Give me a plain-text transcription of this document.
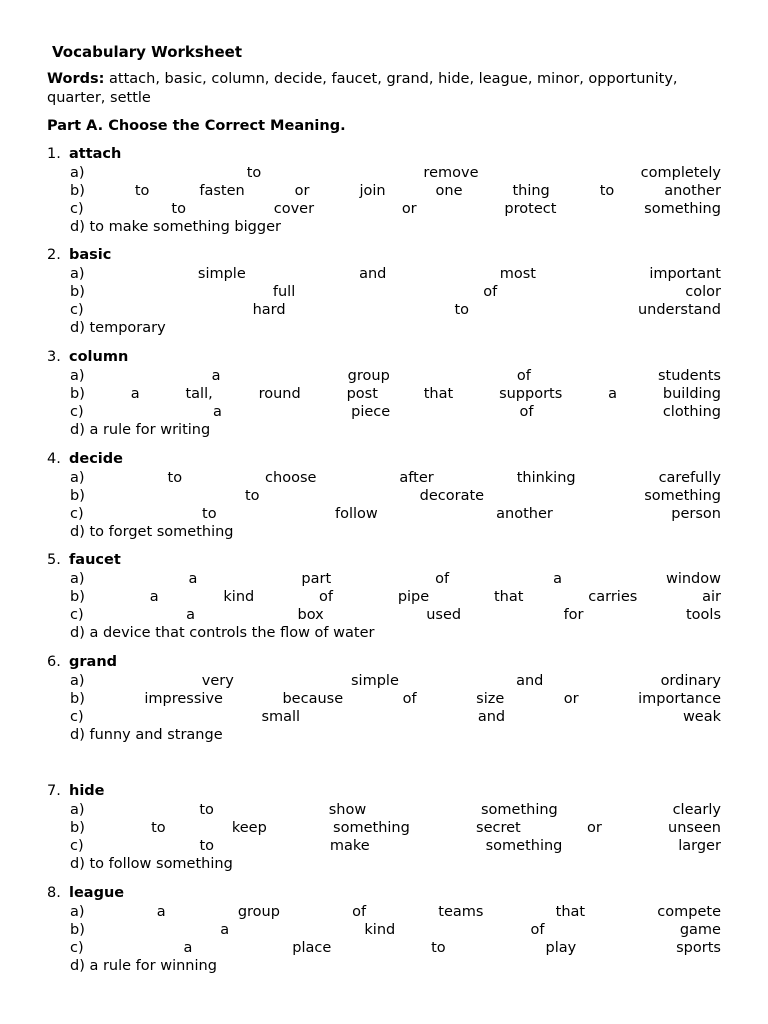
Vocabulary Worksheet
Words: attach, basic, column, decide, faucet, grand, hide, league, minor, opportunity, quarter, settle
Part A. Choose the Correct Meaning.
1. attach
a)	to	remove	completely
b)	to	fasten	or	join	one	thing	to	another
c)	to	cover	or	protect	something
d) to make something bigger
2. basic
a)	simple	and	most	important
b)	full	of	color
c)	hard	to	understand
d) temporary
3. column
a)	a	group	of	students
b)	a	tall,	round	post	that	supports	a	building
c)	a	piece	of	clothing
d) a rule for writing
4. decide
a)	to	choose	after	thinking	carefully
b)	to	decorate	something
c)	to	follow	another	person
d) to forget something
5. faucet
a)	a	part	of	a	window
b)	a	kind	of	pipe	that	carries	air
c)	a	box	used	for	tools
d) a device that controls the flow of water
6. grand
a)	very	simple	and	ordinary
b)	impressive	because	of	size	or	importance
c)	small	and	weak
d) funny and strange
7. hide
a)	to	show	something	clearly
b)	to	keep	something	secret	or	unseen
c)	to	make	something	larger
d) to follow something
8. league
a)	a	group	of	teams	that	compete
b)	a	kind	of	game
c)	a	place	to	play	sports
d) a rule for winning
